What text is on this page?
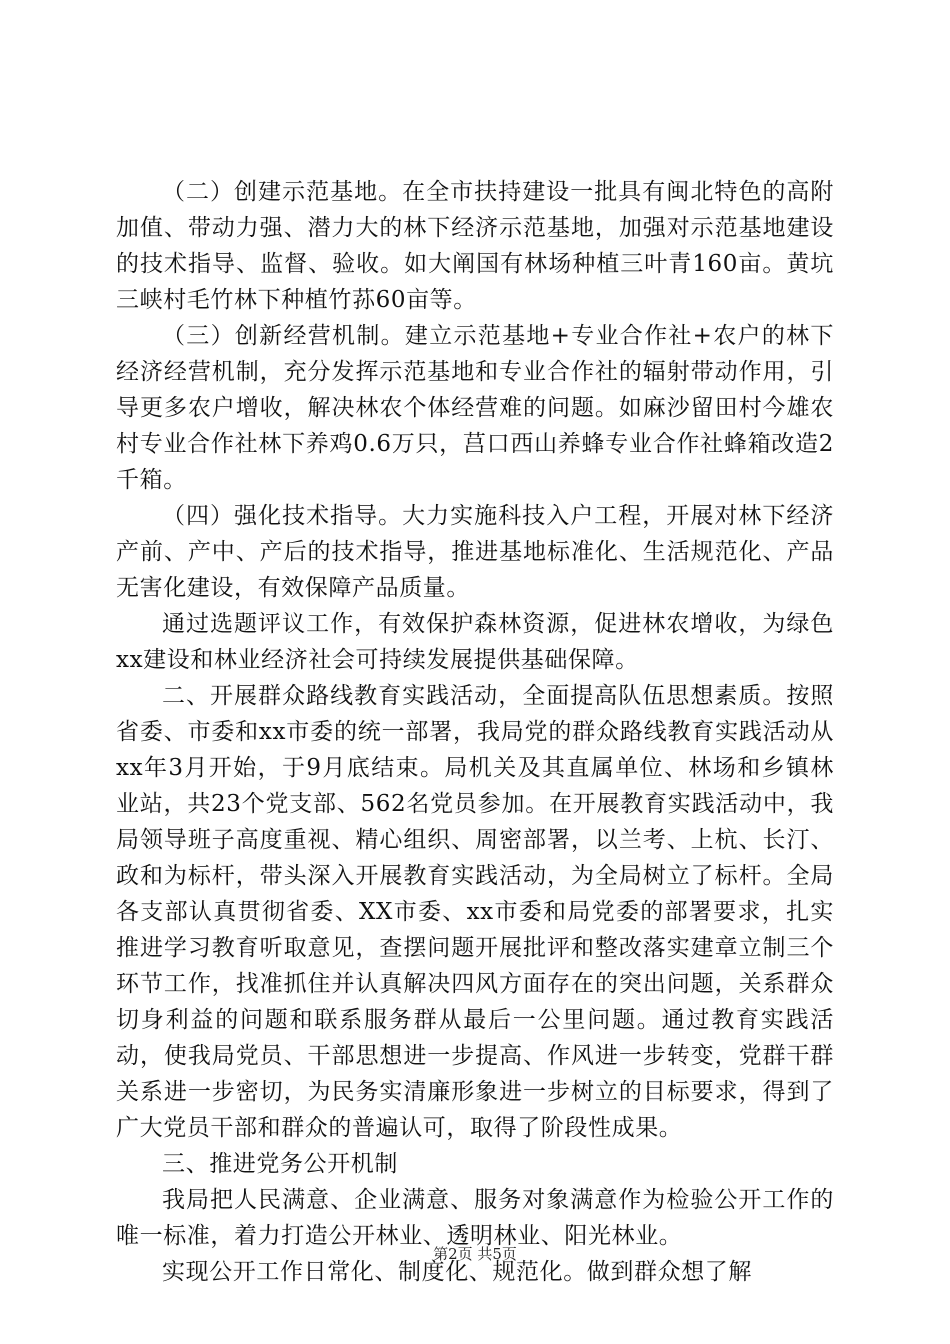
（二）创建示范基地。在全市扶持建设一批具有闽北特色的高附加值、带动力强、潜力大的林下经济示范基地，加强对示范基地建设的技术指导、监督、验收。如大阐国有林场种植三叶青160亩。黄坑三峡村毛竹林下种植竹荪60亩等。

（三）创新经营机制。建立示范基地+专业合作社+农户的林下经济经营机制，充分发挥示范基地和专业合作社的辐射带动作用，引导更多农户增收，解决林农个体经营难的问题。如麻沙留田村今雄农村专业合作社林下养鸡0.6万只，莒口西山养蜂专业合作社蜂箱改造2千箱。

（四）强化技术指导。大力实施科技入户工程，开展对林下经济产前、产中、产后的技术指导，推进基地标准化、生活规范化、产品无害化建设，有效保障产品质量。

通过选题评议工作，有效保护森林资源，促进林农增收，为绿色xx建设和林业经济社会可持续发展提供基础保障。

二、开展群众路线教育实践活动，全面提高队伍思想素质。按照省委、市委和xx市委的统一部署，我局党的群众路线教育实践活动从xx年3月开始，于9月底结束。局机关及其直属单位、林场和乡镇林业站，共23个党支部、562名党员参加。在开展教育实践活动中，我局领导班子高度重视、精心组织、周密部署，以兰考、上杭、长汀、政和为标杆，带头深入开展教育实践活动，为全局树立了标杆。全局各支部认真贯彻省委、XX市委、xx市委和局党委的部署要求，扎实推进学习教育听取意见，查摆问题开展批评和整改落实建章立制三个环节工作，找准抓住并认真解决四风方面存在的突出问题，关系群众切身利益的问题和联系服务群从最后一公里问题。通过教育实践活动，使我局党员、干部思想进一步提高、作风进一步转变，党群干群关系进一步密切，为民务实清廉形象进一步树立的目标要求，得到了广大党员干部和群众的普遍认可，取得了阶段性成果。

三、推进党务公开机制

我局把人民满意、企业满意、服务对象满意作为检验公开工作的唯一标准，着力打造公开林业、透明林业、阳光林业。

实现公开工作日常化、制度化、规范化。做到群众想了解

第2页 共5页
